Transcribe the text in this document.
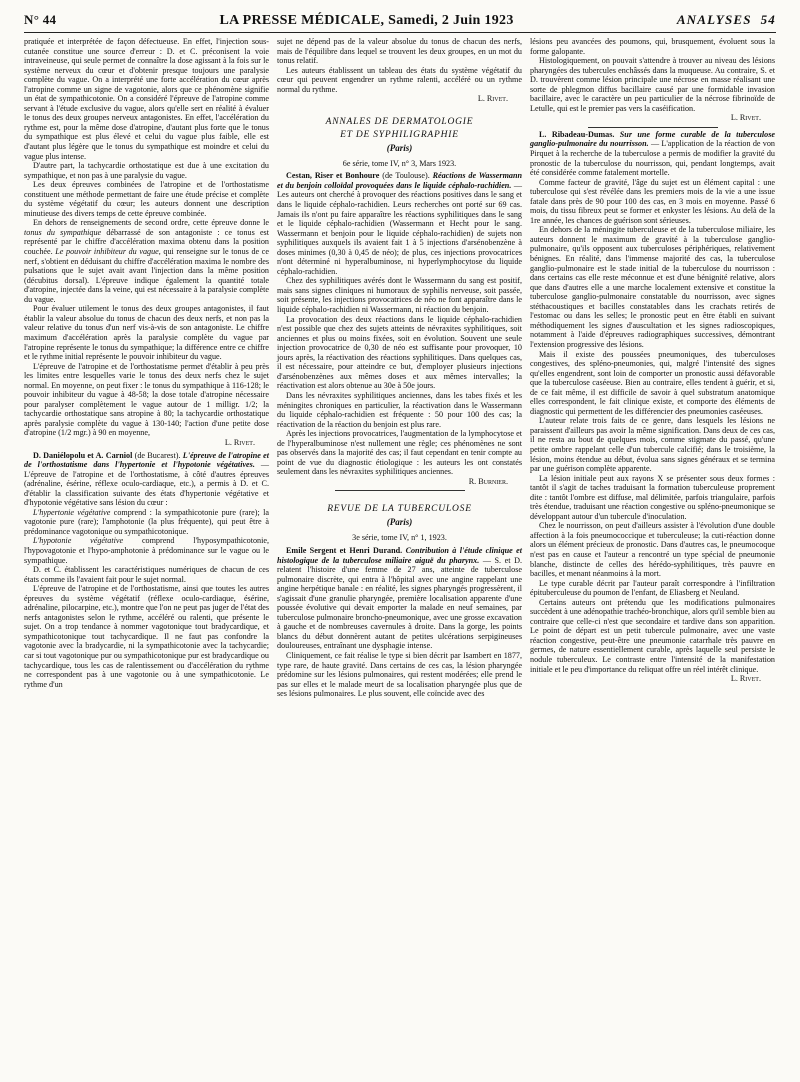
N° 44	LA PRESSE MÉDICALE, Samedi, 2 Juin 1923	ANALYSES 54

pratiquée et interprétée de façon défectueuse. En effet, l'injection sous-cutanée constitue une source d'erreur : D. et C. préconisent la voie intraveineuse, qui seule permet de connaître la dose agissant à la fois sur le système nerveux du cœur et d'obtenir presque toujours une paralysie complète du vague. On a interprété une forte accélération du cœur après l'atropine comme un signe de vagotonie, alors que ce phénomène signifie un état de sympathicotonie. On a considéré l'épreuve de l'atropine comme servant à l'étude exclusive du vague, alors qu'elle sert en réalité à évaluer le tonus des deux groupes nerveux antagonistes. En effet, l'accélération du rythme est, pour la même dose d'atropine, d'autant plus forte que le tonus du sympathique est plus élevé et celui du vague plus faible, elle est d'autant plus légère que le tonus du sympathique est moindre et celui du vague plus intense.

D'autre part, la tachycardie orthostatique est due à une excitation du sympathique, et non pas à une paralysie du vague.

Les deux épreuves combinées de l'atropine et de l'orthostatisme constituent une méthode permettant de faire une étude précise et complète du système végétatif du cœur; les auteurs donnent une description minutieuse des divers temps de cette épreuve combinée.

En dehors de renseignements de second ordre, cette épreuve donne le tonus du sympathique débarrassé de son antagoniste : ce tonus est représenté par le chiffre d'accélération maxima obtenu dans la position couchée. Le pouvoir inhibiteur du vague, qui renseigne sur le tonus de ce nerf, s'obtient en déduisant du chiffre d'accélération maxima le nombre des pulsations que le sujet avait avant l'injection dans la même position (décubitus dorsal). L'épreuve indique également la quantité totale d'atropine, injectée dans la veine, qui est nécessaire à la paralysie complète du vague.

Pour évaluer utilement le tonus des deux groupes antagonistes, il faut établir la valeur absolue du tonus de chacun des deux nerfs, et non pas la valeur relative du tonus d'un nerf vis-à-vis de son antagoniste. Le chiffre maximum d'accélération après la paralysie complète du vague par l'atropine représente le tonus du sympathique; la différence entre ce chiffre et le rythme initial représente le pouvoir inhibiteur du vague.

L'épreuve de l'atropine et de l'orthostatisme permet d'établir à peu près les limites entre lesquelles varie le tonus des deux nerfs chez le sujet normal. En moyenne, on peut fixer : le tonus du sympathique à 116-128; le pouvoir inhibiteur du vague à 48-58; la dose totale d'atropine nécessaire pour paralyser complètement le vague autour de 1 milligr. 1/2; la tachycardie orthostatique sans atropine à 80; la tachycardie orthostatique après paralysie complète du vague à 130-140; l'action d'une petite dose d'atropine (1/2 mgr.) à 90 en moyenne,

L. Rivet.

D. Daniélopolu et A. Carniol (de Bucarest). L'épreuve de l'atropine et de l'orthostatisme dans l'hypertonie et l'hypotonie végétatives. — L'épreuve de l'atropine et de l'orthostatisme, à côté d'autres épreuves (adrénaline, ésérine, réflexe oculo-cardiaque, etc.), a permis à D. et C. d'établir la classification suivante des états d'hypertonie végétative et d'hypotonie végétative sans lésion du cœur :

L'hypertonie végétative comprend : la sympathicotonie pure (rare); la vagotonie pure (rare); l'amphotonie (la plus fréquente), qui peut être à prédominance vagotonique ou sympathicotonique.

L'hypotonie végétative comprend l'hyposympathicotonie, l'hypovagotonie et l'hypo-amphotonie à prédominance sur le vague ou le sympathique.

D. et C. établissent les caractéristiques numériques de chacun de ces états comme ils l'avaient fait pour le sujet normal.

L'épreuve de l'atropine et de l'orthostatisme, ainsi que toutes les autres épreuves du système végétatif (réflexe oculo-cardiaque, ésérine, adrénaline, pilocarpine, etc.), montre que l'on ne peut pas juger de l'état des nerfs antagonistes selon le rythme, accéléré ou ralenti, que présente le sujet. On a trop tendance à nommer vagotonique tout bradycardique, et sympathicotonique tout tachycardique. Il ne faut pas confondre la vagotonie avec la bradycardie, ni la sympathicotonie avec la tachycardie; car si tout vagotonique pur ou sympathicotonique pur est bradycardique ou tachycardique, tous les cas de ralentissement ou d'accélération du rythme ne correspondent pas à une vagotonie ou à une sympathicotonie. Le rythme d'un

sujet ne dépend pas de la valeur absolue du tonus de chacun des nerfs, mais de l'équilibre dans lequel se trouvent les deux groupes, en un mot du tonus relatif.

Les auteurs établissent un tableau des états du système végétatif du cœur qui peuvent engendrer un rythme ralenti, accéléré ou un rythme normal du rythme.

L. Rivet.
ANNALES DE DERMATOLOGIE
ET DE SYPHILIGRAPHIE
(Paris)
6e série, tome IV, n° 3, Mars 1923.

Cestan, Riser et Bonhoure (de Toulouse). Réactions de Wassermann et du benjoin colloïdal provoquées dans le liquide céphalo-rachidien. — Les auteurs ont cherché à provoquer des réactions positives dans le sang et dans le liquide céphalo-rachidien. Leurs recherches ont porté sur 69 cas. Jamais ils n'ont pu faire apparaître les réactions syphilitiques dans le sang et le liquide céphalo-rachidien (Wassermann et Hecht pour le sang. Wassermann et benjoin pour le liquide céphalo-rachidien) de sujets non syphilitiques auxquels ils avaient fait 1 à 5 injections d'arsénobenzène à doses minimes (0,30 à 0,45 de néo); de plus, ces injections provocatrices n'ont déterminé ni hyperalbuminose, ni hyperlymphocytose du liquide céphalo-rachidien.

Chez des syphilitiques avérés dont le Wassermann du sang est positif, mais sans signes cliniques ni humoraux de syphilis nerveuse, soit passée, soit présente, les injections provocatrices de néo ne font apparaître dans le liquide céphalo-rachidien ni Wassermann, ni réaction du benjoin.

La provocation des deux réactions dans le liquide céphalo-rachidien n'est possible que chez des sujets atteints de névraxites syphilitiques, soit anciennes et plus ou moins fixées, soit en évolution. Souvent une seule injection provocatrice de 0,30 de néo est suffisante pour provoquer, 10 jours après, la réactivation des réactions syphilitiques. Dans quelques cas, il est nécessaire, pour atteindre ce but, d'employer plusieurs injections d'arsénobenzènes aux mêmes doses et aux mêmes intervalles; la réactivation est alors obtenue au 30e à 50e jours.

Dans les névraxites syphilitiques anciennes, dans les tabes fixés et les méningites chroniques en particulier, la réactivation dans le Wassermann du liquide céphalo-rachidien est fréquente : 50 pour 100 des cas; la réactivation de la réaction du benjoin est plus rare.

Après les injections provocatrices, l'augmentation de la lymphocytose et de l'hyperalbuminose n'est nullement une règle; ces phénomènes ne sont pas observés dans la majorité des cas; il faut cependant en tenir compte au point de vue du diagnostic étiologique : les auteurs les ont constatés seulement dans les névraxites syphilitiques anciennes.

R. Burnier.
REVUE DE LA TUBERCULOSE
(Paris)
3e série, tome IV, n° 1, 1923.

Emile Sergent et Henri Durand. Contribution à l'étude clinique et histologique de la tuberculose miliaire aiguë du pharynx. — S. et D. relatent l'histoire d'une femme de 27 ans, atteinte de tuberculose pulmonaire discrète, qui entra à l'hôpital avec une angine rappelant une angine herpétique banale : en réalité, les signes pharyngés progressèrent, il s'agissait d'une granulie pharyngée, première localisation apparente d'une poussée évolutive qui devait emporter la malade en neuf semaines, par tuberculose pulmonaire broncho-pneumonique, avec une grosse excavation à gauche et de nombreuses cavernules à droite. Dans la gorge, les points blancs du début donnèrent autant de petites ulcérations serpigineuses douloureuses, entraînant une dysphagie intense.

Cliniquement, ce fait réalise le type si bien décrit par Isambert en 1877, type rare, de haute gravité. Dans certains de ces cas, la lésion pharyngée prédomine sur les lésions pulmonaires, qui restent modérées; elle prend le pas sur elles et le malade meurt de sa localisation pharyngée plus que de ses lésions pulmonaires. Le plus souvent, elle coïncide avec des

lésions peu avancées des poumons, qui, brusquement, évoluent sous la forme galopante.

Histologiquement, on pouvait s'attendre à trouver au niveau des lésions pharyngées des tubercules enchâssés dans la muqueuse. Au contraire, S. et D. trouvèrent comme lésion principale une nécrose en masse réalisant une sorte de phlegmon diffus bacillaire causé par une formidable invasion bacillaire, avec le caractère un peu particulier de la nécrose fibrinoïde de Letulle, qui est le premier pas vers la caséification.

L. Rivet.

L. Ribadeau-Dumas. Sur une forme curable de la tuberculose ganglio-pulmonaire du nourrisson. — L'application de la réaction de von Pirquet à la recherche de la tuberculose a permis de modifier la gravité du pronostic de la tuberculose du nourrisson, qui, pendant longtemps, avait été considérée comme fatalement mortelle.

Comme facteur de gravité, l'âge du sujet est un élément capital : une tuberculose qui s'est révélée dans les premiers mois de la vie a une issue fatale dans près de 90 pour 100 des cas, en 3 mois en moyenne. Passé 6 mois, du tissu fibreux peut se former et enkyster les lésions. Au delà de la 1re année, les chances de guérison sont sérieuses.

En dehors de la méningite tuberculeuse et de la tuberculose miliaire, les auteurs donnent le maximum de gravité à la tuberculose ganglio-pulmonaire, qu'ils opposent aux tuberculoses périphériques, relativement bénignes. En réalité, dans l'immense majorité des cas, la tuberculose ganglio-pulmonaire est le stade initial de la tuberculose du nourrisson : dans certains cas elle reste méconnue et est d'une bénignité relative, alors que dans d'autres elle a une marche localement extensive et constitue la tuberculose ganglio-pulmonaire constatable du nourrisson, avec signes stéthacoustiques et bacilles constatables dans les crachats retirés de l'estomac ou dans les selles; le pronostic peut en être établi en suivant méthodiquement les signes d'auscultation et les signes radioscopiques, notamment à l'aide d'épreuves radiographiques successives, démontrant l'extension progressive des lésions.

Mais il existe des poussées pneumoniques, des tuberculoses congestives, des spléno-pneumonies, qui, malgré l'intensité des signes qu'elles engendrent, sont loin de comporter un pronostic aussi défavorable que la tuberculose caséeuse. Bien au contraire, elles tendent à guérir, et si, de ce fait même, il est difficile de savoir à quel substratum anatomique elles correspondent, le fait clinique existe, et comporte des éléments de diagnostic qui permettent de les différencier des pneumonies caséeuses.

L'auteur relate trois faits de ce genre, dans lesquels les lésions ne paraissent d'ailleurs pas avoir la même signification. Dans deux de ces cas, il ne resta au bout de quelques mois, comme stigmate du passé, qu'une petite ombre rappelant celle d'un tubercule calcifié; dans le troisième, la lésion, moins étendue au début, évolua sans signes généraux et se termina par une guérison complète apparente.

La lésion initiale peut aux rayons X se présenter sous deux formes : tantôt il s'agit de taches traduisant la formation tuberculeuse proprement dite : tantôt l'ombre est diffuse, mal délimitée, parfois triangulaire, parfois très étendue, traduisant une réaction congestive ou spléno-pneumonique se développant autour d'un tubercule d'inoculation.

Chez le nourrisson, on peut d'ailleurs assister à l'évolution d'une double affection à la fois pneumococcique et tuberculeuse; la cuti-réaction donne alors un élément précieux de pronostic. Dans d'autres cas, le pneumocoque n'est pas en cause et l'auteur a rencontré un type spécial de pneumonie blanche, distincte de celles des hérédo-syphilitiques, très pauvre en bacilles, et menant néanmoins à la mort.

Le type curable décrit par l'auteur paraît correspondre à l'infiltration épituberculeuse du poumon de l'enfant, de Eliasberg et Neuland.

Certains auteurs ont prétendu que les modifications pulmonaires succèdent à une adénopathie trachéo-bronchique, alors qu'il semble bien au contraire que celle-ci n'est que secondaire et tardive dans son apparition. Le point de départ est un petit tubercule pulmonaire, avec une vaste réaction congestive, peut-être une pneumonie catarrhale très pauvre en germes, de nature essentiellement curable, après laquelle seul persiste le nodule tuberculeux. Le contraste entre l'intensité de la manifestation initiale et le peu d'importance du reliquat offre un réel intérêt clinique.

L. Rivet.
